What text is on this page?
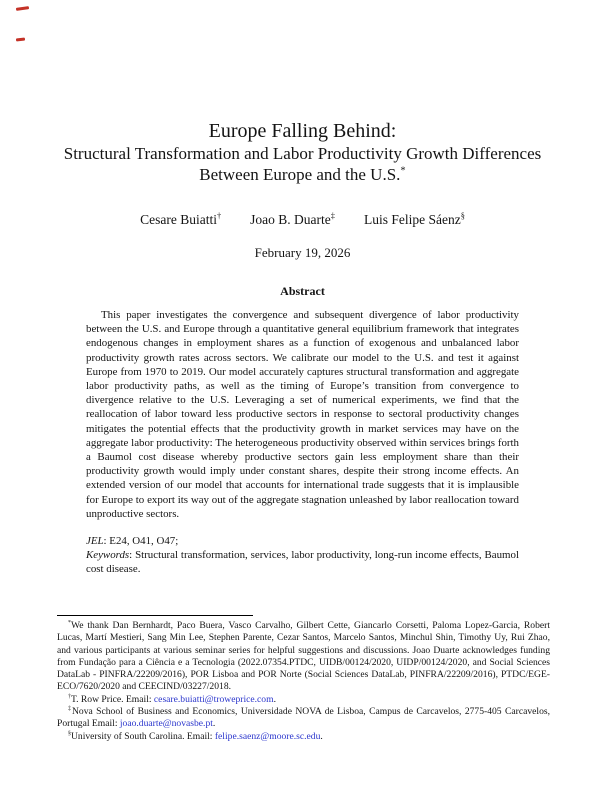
Europe Falling Behind:
Structural Transformation and Labor Productivity Growth Differences
Between Europe and the U.S.*
Cesare Buiatti† Joao B. Duarte‡ Luis Felipe Sáenz§
February 19, 2026
Abstract

This paper investigates the convergence and subsequent divergence of labor productivity between the U.S. and Europe through a quantitative general equilibrium framework that integrates endogenous changes in employment shares as a function of exogenous and unbalanced labor productivity growth rates across sectors. We calibrate our model to the U.S. and test it against Europe from 1970 to 2019. Our model accurately captures structural transformation and aggregate labor productivity paths, as well as the timing of Europe’s transition from convergence to divergence relative to the U.S. Leveraging a set of numerical experiments, we find that the reallocation of labor toward less productive sectors in response to sectoral productivity changes mitigates the potential effects that the productivity growth in market services may have on the aggregate labor productivity: The heterogeneous productivity observed within services brings forth a Baumol cost disease whereby productive sectors gain less employment share than their productivity growth would imply under constant shares, despite their strong income effects. An extended version of our model that accounts for international trade suggests that it is implausible for Europe to export its way out of the aggregate stagnation unleashed by labor reallocation toward unproductive sectors.

JEL: E24, O41, O47;
Keywords: Structural transformation, services, labor productivity, long-run income effects, Baumol cost disease.

*We thank Dan Bernhardt, Paco Buera, Vasco Carvalho, Gilbert Cette, Giancarlo Corsetti, Paloma Lopez-Garcia, Robert Lucas, Martí Mestieri, Sang Min Lee, Stephen Parente, Cezar Santos, Marcelo Santos, Minchul Shin, Timothy Uy, Rui Zhao, and various participants at various seminar series for helpful suggestions and discussions. Joao Duarte acknowledges funding from Fundação para a Ciência e a Tecnologia (2022.07354.PTDC, UIDB/00124/2020, UIDP/00124/2020, and Social Sciences DataLab - PINFRA/22209/2016), POR Lisboa and POR Norte (Social Sciences DataLab, PINFRA/22209/2016), PTDC/EGE-ECO/7620/2020 and CEECIND/03227/2018.

†T. Row Price. Email: cesare.buiatti@troweprice.com.

‡Nova School of Business and Economics, Universidade NOVA de Lisboa, Campus de Carcavelos, 2775-405 Carcavelos, Portugal Email: joao.duarte@novasbe.pt.

§University of South Carolina. Email: felipe.saenz@moore.sc.edu.
